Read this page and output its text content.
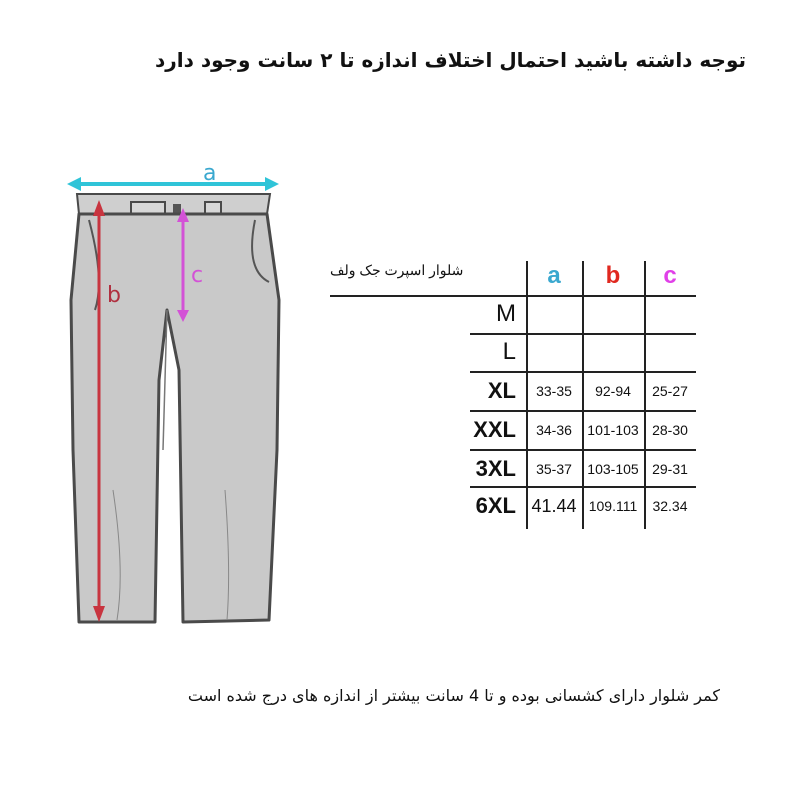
توجه داشته باشید احتمال اختلاف اندازه تا ۲ سانت وجود دارد
a
b
c	شلوار اسپرت جک ولف	a	b	c
M
L
XL	33-35	92-94	25-27
XXL	34-36	101-103 28-30
3XL	35-37	103-105 29-31
6XL 41.44 109.111	32.34
کمر شلوار دارای کشسانی بوده و تا 4 سانت بیشتر از اندازه های درج شده است
